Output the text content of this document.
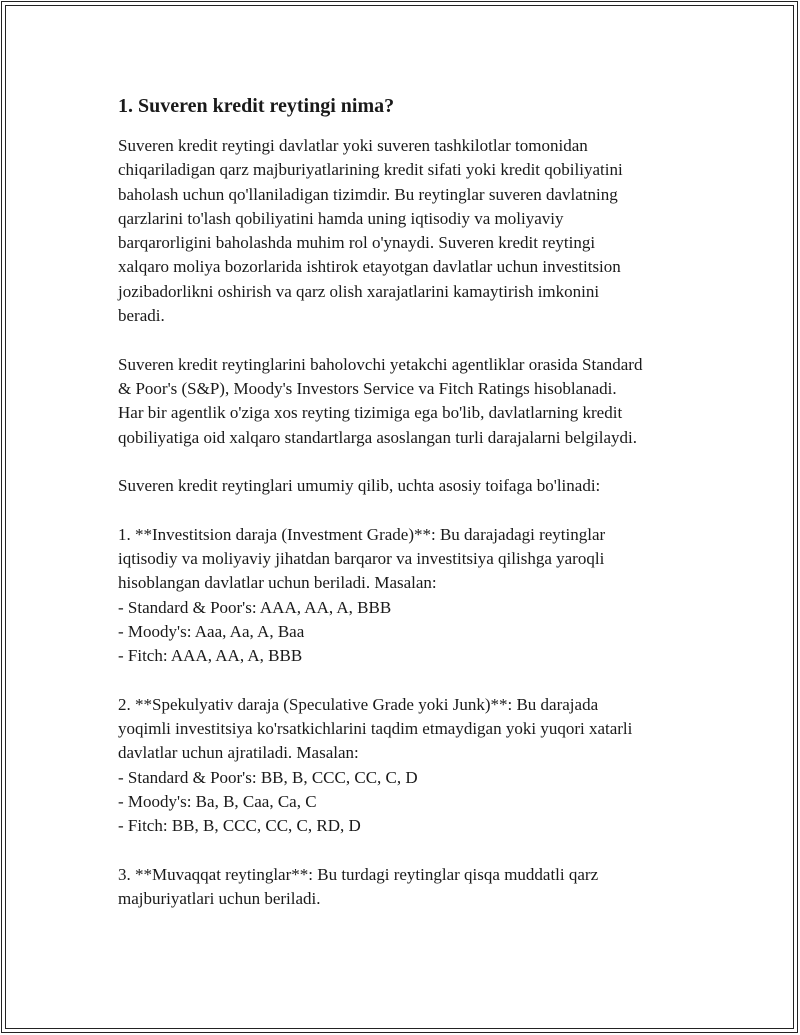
1. Suveren kredit reytingi nima?

Suveren kredit reytingi davlatlar yoki suveren tashkilotlar tomonidan
chiqariladigan qarz majburiyatlarining kredit sifati yoki kredit qobiliyatini
baholash uchun qo'llaniladigan tizimdir. Bu reytinglar suveren davlatning
qarzlarini to'lash qobiliyatini hamda uning iqtisodiy va moliyaviy
barqarorligini baholashda muhim rol o'ynaydi. Suveren kredit reytingi
xalqaro moliya bozorlarida ishtirok etayotgan davlatlar uchun investitsion
jozibadorlikni oshirish va qarz olish xarajatlarini kamaytirish imkonini
beradi.

Suveren kredit reytinglarini baholovchi yetakchi agentliklar orasida Standard
& Poor's (S&P), Moody's Investors Service va Fitch Ratings hisoblanadi.
Har bir agentlik o'ziga xos reyting tizimiga ega bo'lib, davlatlarning kredit
qobiliyatiga oid xalqaro standartlarga asoslangan turli darajalarni belgilaydi.

Suveren kredit reytinglari umumiy qilib, uchta asosiy toifaga bo'linadi:

1. **Investitsion daraja (Investment Grade)**: Bu darajadagi reytinglar
iqtisodiy va moliyaviy jihatdan barqaror va investitsiya qilishga yaroqli
hisoblangan davlatlar uchun beriladi. Masalan:
- Standard & Poor's: AAA, AA, A, BBB
- Moody's: Aaa, Aa, A, Baa
- Fitch: AAA, AA, A, BBB

2. **Spekulyativ daraja (Speculative Grade yoki Junk)**: Bu darajada
yoqimli investitsiya ko'rsatkichlarini taqdim etmaydigan yoki yuqori xatarli
davlatlar uchun ajratiladi. Masalan:
- Standard & Poor's: BB, B, CCC, CC, C, D
- Moody's: Ba, B, Caa, Ca, C
- Fitch: BB, B, CCC, CC, C, RD, D

3. **Muvaqqat reytinglar**: Bu turdagi reytinglar qisqa muddatli qarz
majburiyatlari uchun beriladi.
